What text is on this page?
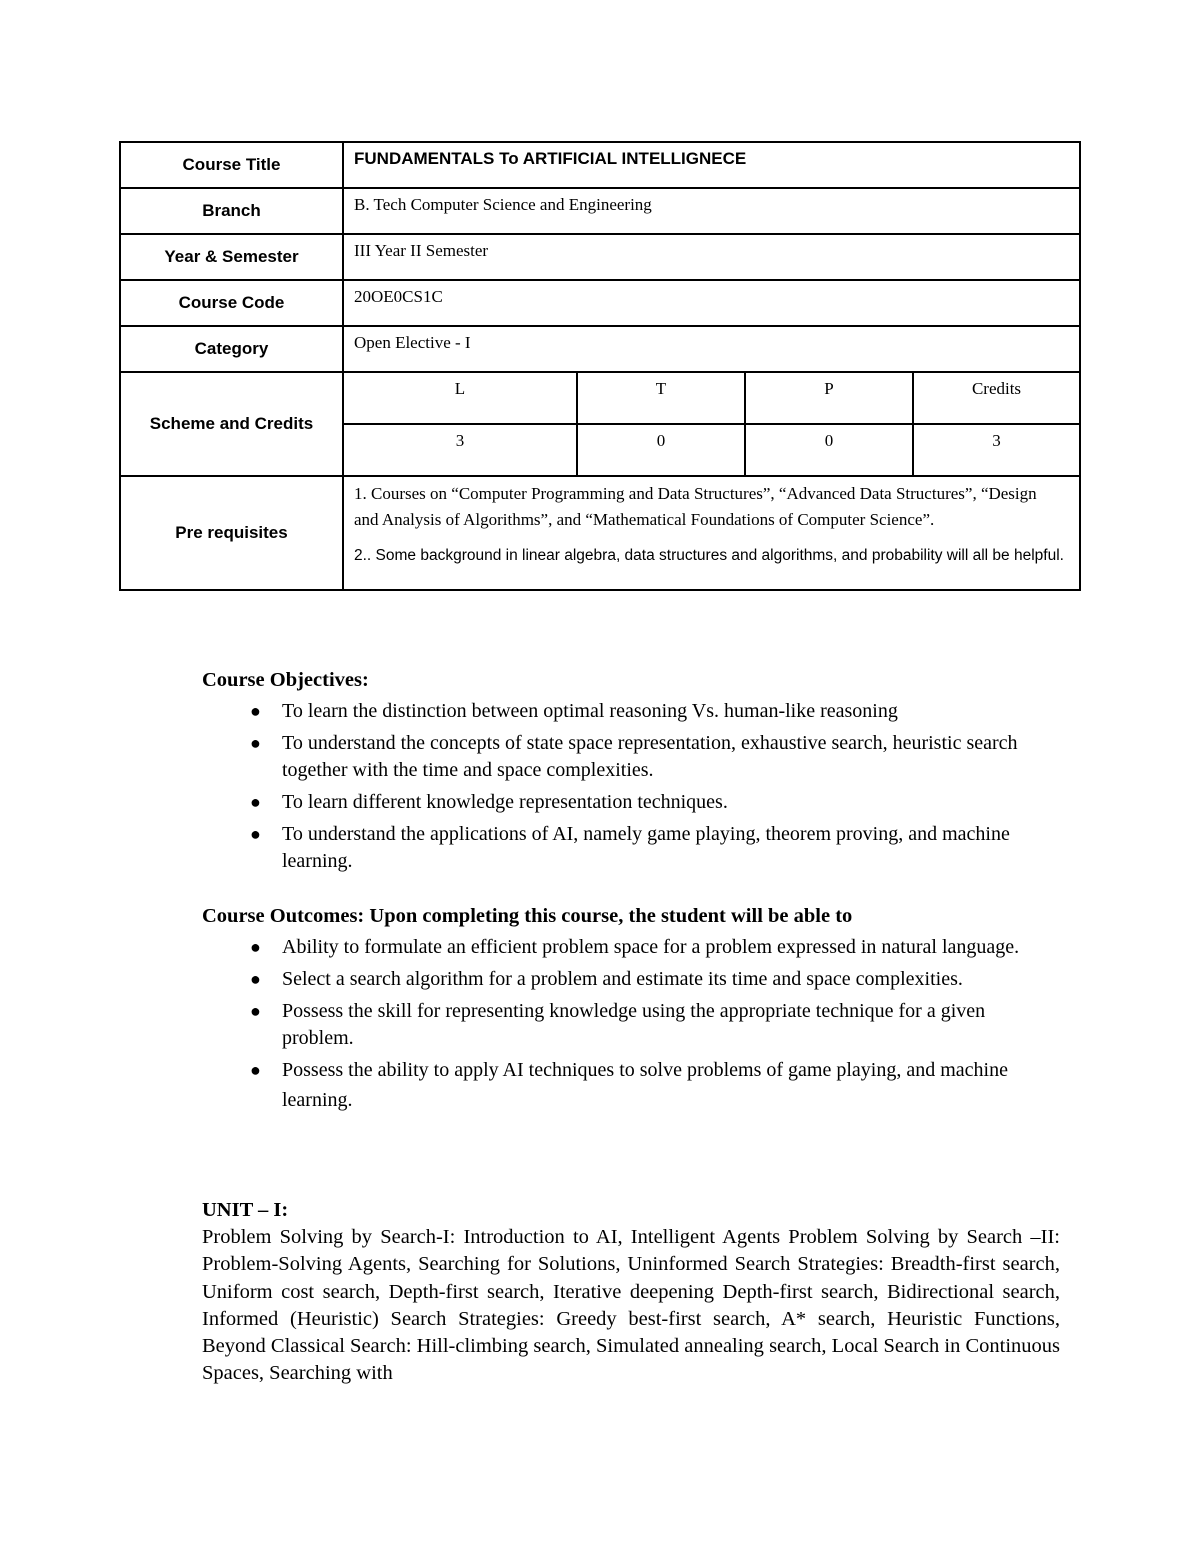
Course Title	FUNDAMENTALS To ARTIFICIAL INTELLIGNECE
Branch	B. Tech Computer Science and Engineering
Year & Semester	III Year II Semester
Course Code	20OE0CS1C
Category	Open Elective - I
Scheme and Credits	
L	T	P	Credits
3	0	0	3

Pre requisites	

1. Courses on “Computer Programming and Data Structures”, “Advanced Data Structures”, “Design and Analysis of Algorithms”, and “Mathematical Foundations of Computer Science”.

2.. Some background in linear algebra, data structures and algorithms, and probability will all be helpful.

Course Objectives:
● To learn the distinction between optimal reasoning Vs. human-like reasoning
● To understand the concepts of state space representation, exhaustive search, heuristic search together with the time and space complexities.
● To learn different knowledge representation techniques.
● To understand the applications of AI, namely game playing, theorem proving, and machine learning.
Course Outcomes: Upon completing this course, the student will be able to
● Ability to formulate an efficient problem space for a problem expressed in natural language.
● Select a search algorithm for a problem and estimate its time and space complexities.
● Possess the skill for representing knowledge using the appropriate technique for a given problem.
● Possess the ability to apply AI techniques to solve problems of game playing, and machine
learning.
UNIT – I:
Problem Solving by Search-I: Introduction to AI, Intelligent Agents Problem Solving by Search –II: Problem-Solving Agents, Searching for Solutions, Uninformed Search Strategies: Breadth-first search, Uniform cost search, Depth-first search, Iterative deepening Depth-first search, Bidirectional search, Informed (Heuristic) Search Strategies: Greedy best-first search, A* search, Heuristic Functions, Beyond Classical Search: Hill-climbing search, Simulated annealing search, Local Search in Continuous Spaces, Searching with
